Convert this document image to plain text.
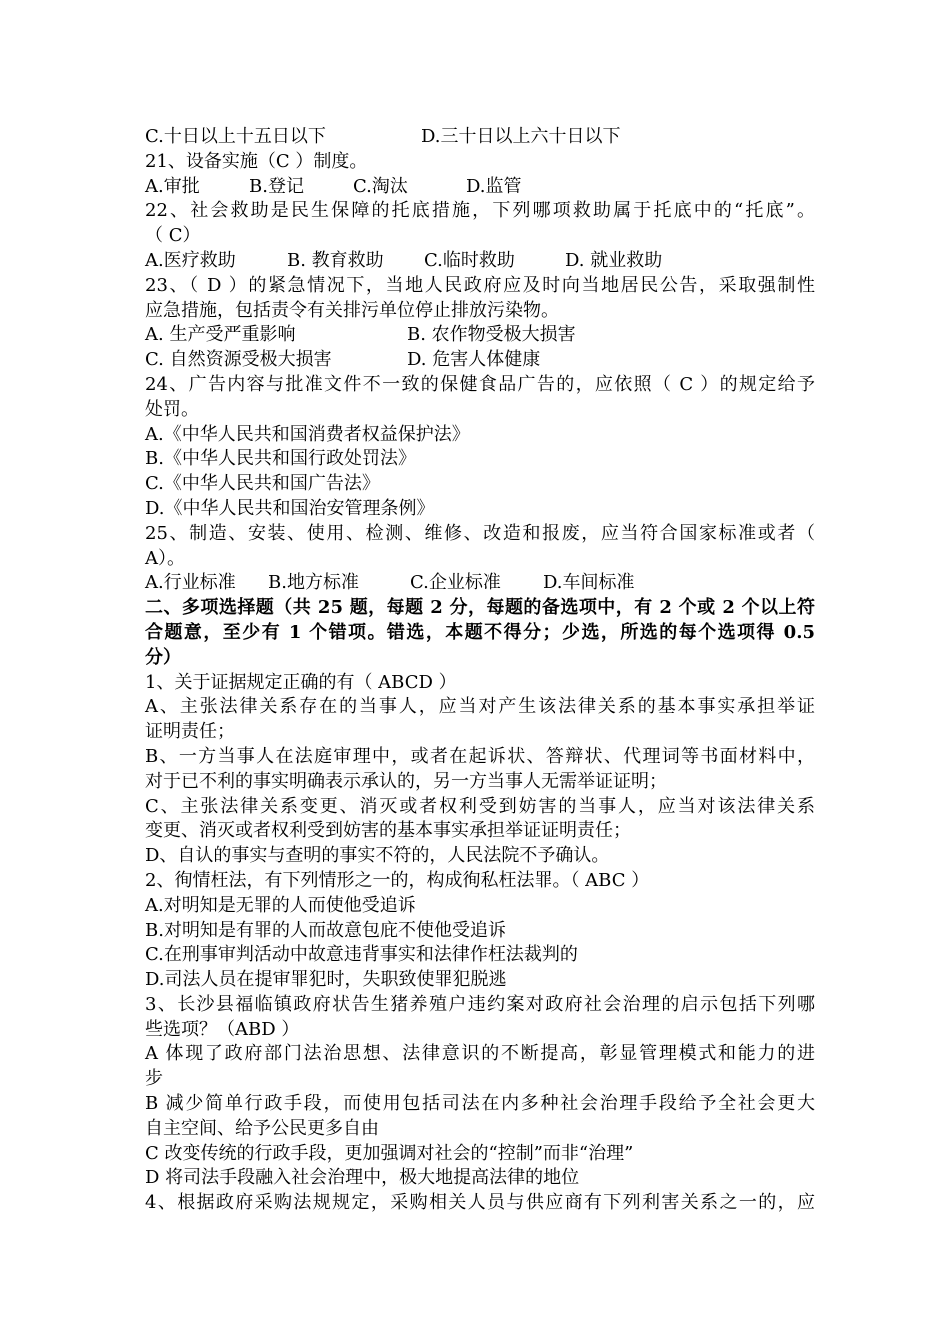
C.十日以上十五日以下	D.三十日以上六十日以下
21、设备实施（C ）制度。
A.审批	B.登记	C.淘汰	D.监管
22、社会救助是民生保障的托底措施，下列哪项救助属于托底中的“托底”。
（ C）
A.医疗救助	B. 教育救助 C.临时救助	D. 就业救助
23、（ D ）的紧急情况下，当地人民政府应及时向当地居民公告，采取强制性
应急措施，包括责令有关排污单位停止排放污染物。
A. 生产受严重影响	B. 农作物受极大损害
C. 自然资源受极大损害	D. 危害人体健康
24、广告内容与批准文件不一致的保健食品广告的，应依照（ C ）的规定给予
处罚。
A.《中华人民共和国消费者权益保护法》
B.《中华人民共和国行政处罚法》
C.《中华人民共和国广告法》
D.《中华人民共和国治安管理条例》
25、制造、安装、使用、检测、维修、改造和报废，应当符合国家标准或者（
A）。
A.行业标准 B.地方标准	C.企业标准 D.车间标准
二、多项选择题（共 25 题，每题 2 分，每题的备选项中，有 2 个或 2 个以上符
合题意，至少有 1 个错项。错选，本题不得分；少选，所选的每个选项得 0.5
分）
1、关于证据规定正确的有（ ABCD ）
A、主张法律关系存在的当事人，应当对产生该法律关系的基本事实承担举证
证明责任；
B、一方当事人在法庭审理中，或者在起诉状、答辩状、代理词等书面材料中，
对于已不利的事实明确表示承认的，另一方当事人无需举证证明；
C、主张法律关系变更、消灭或者权利受到妨害的当事人，应当对该法律关系
变更、消灭或者权利受到妨害的基本事实承担举证证明责任；
D、自认的事实与查明的事实不符的，人民法院不予确认。
2、徇情枉法，有下列情形之一的，构成徇私枉法罪。（ ABC ）
A.对明知是无罪的人而使他受追诉
B.对明知是有罪的人而故意包庇不使他受追诉
C.在刑事审判活动中故意违背事实和法律作枉法裁判的
D.司法人员在提审罪犯时，失职致使罪犯脱逃
3、长沙县福临镇政府状告生猪养殖户违约案对政府社会治理的启示包括下列哪
些选项？（ABD ）
A 体现了政府部门法治思想、法律意识的不断提高，彰显管理模式和能力的进
步
B 减少简单行政手段，而使用包括司法在内多种社会治理手段给予全社会更大
自主空间、给予公民更多自由
C 改变传统的行政手段，更加强调对社会的“控制”而非“治理”
D 将司法手段融入社会治理中，极大地提高法律的地位
4、根据政府采购法规规定，采购相关人员与供应商有下列利害关系之一的，应
